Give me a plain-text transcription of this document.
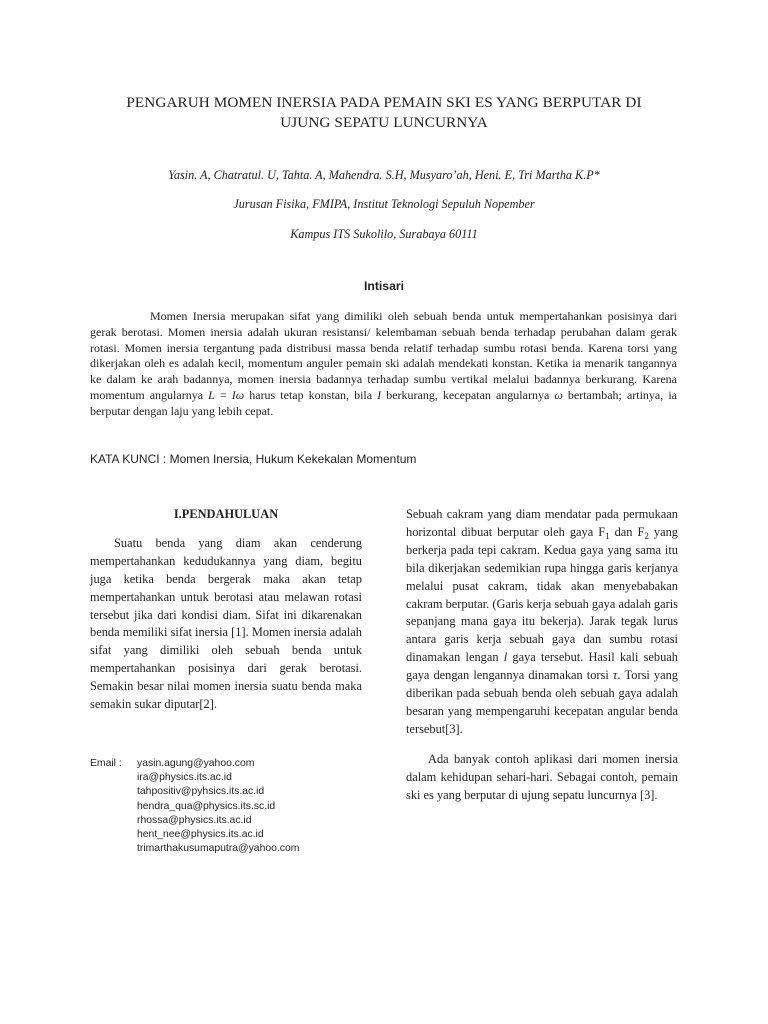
PENGARUH MOMEN INERSIA PADA PEMAIN SKI ES YANG BERPUTAR DI
UJUNG SEPATU LUNCURNYA
Yasin. A, Chatratul. U, Tahta. A, Mahendra. S.H, Musyaro’ah, Heni. E, Tri Martha K.P*
Jurusan Fisika, FMIPA, Institut Teknologi Sepuluh Nopember
Kampus ITS Sukolilo, Surabaya 60111
Intisari

Momen Inersia merupakan sifat yang dimiliki oleh sebuah benda untuk mempertahankan posisinya dari gerak berotasi. Momen inersia adalah ukuran resistansi/ kelembaman sebuah benda terhadap perubahan dalam gerak rotasi. Momen inersia tergantung pada distribusi massa benda relatif terhadap sumbu rotasi benda. Karena torsi yang dikerjakan oleh es adalah kecil, momentum anguler pemain ski adalah mendekati konstan. Ketika ia menarik tangannya ke dalam ke arah badannya, momen inersia badannya terhadap sumbu vertikal melalui badannya berkurang. Karena momentum angularnya L = Iω harus tetap konstan, bila I berkurang, kecepatan angularnya ω bertambah; artinya, ia berputar dengan laju yang lebih cepat.

KATA KUNCI : Momen Inersia, Hukum Kekekalan Momentum
I.PENDAHULUAN

Suatu benda yang diam akan cenderung mempertahankan kedudukannya yang diam, begitu juga ketika benda bergerak maka akan tetap mempertahankan untuk berotasi atau melawan rotasi tersebut jika dari kondisi diam. Sifat ini dikarenakan benda memiliki sifat inersia [1]. Momen inersia adalah sifat yang dimiliki oleh sebuah benda untuk mempertahankan posisinya dari gerak berotasi. Semakin besar nilai momen inersia suatu benda maka semakin sukar diputar[2].

Email :	yasin.agung@yahoo.com
ira@physics.its.ac.id
tahpositiv@pyhsics.its.ac.id
hendra_qua@physics.its.sc.id
rhossa@physics.its.ac.id
hent_nee@physics.its.ac.id
trimarthakusumaputra@yahoo.com

Sebuah cakram yang diam mendatar pada permukaan horizontal dibuat berputar oleh gaya $F_1$ dan $F_2$ yang berkerja pada tepi cakram. Kedua gaya yang sama itu bila dikerjakan sedemikian rupa hingga garis kerjanya melalui pusat cakram, tidak akan menyebabakan cakram berputar. (Garis kerja sebuah gaya adalah garis sepanjang mana gaya itu bekerja). Jarak tegak lurus antara garis kerja sebuah gaya dan sumbu rotasi dinamakan lengan l gaya tersebut. Hasil kali sebuah gaya dengan lengannya dinamakan torsi τ. Torsi yang diberikan pada sebuah benda oleh sebuah gaya adalah besaran yang mempengaruhi kecepatan angular benda tersebut[3].

Ada banyak contoh aplikasi dari momen inersia dalam kehidupan sehari-hari. Sebagai contoh, pemain ski es yang berputar di ujung sepatu luncurnya [3].
